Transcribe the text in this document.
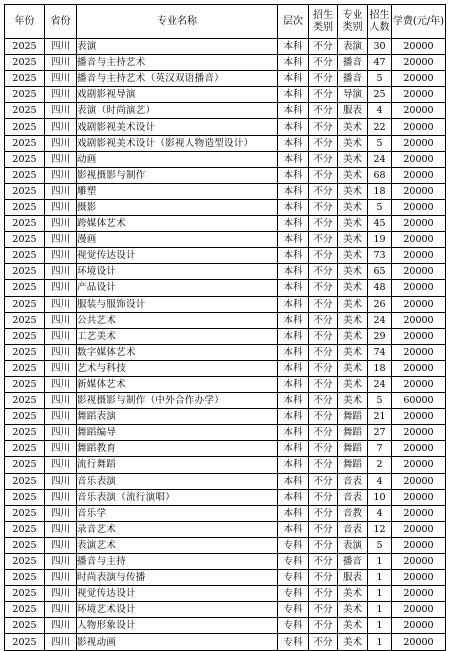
年份	省份	专业名称	层次	招生类别	专业类别	招生人数	学费(元/年)
2025	四川	表演	本科	不分	表演	30	20000
2025	四川	播音与主持艺术	本科	不分	播音	47	20000
2025	四川	播音与主持艺术（英汉双语播音）	本科	不分	播音	5	20000
2025	四川	戏剧影视导演	本科	不分	导演	25	20000
2025	四川	表演（时尚演艺）	本科	不分	服表	4	20000
2025	四川	戏剧影视美术设计	本科	不分	美术	22	20000
2025	四川	戏剧影视美术设计（影视人物造型设计）	本科	不分	美术	5	20000
2025	四川	动画	本科	不分	美术	24	20000
2025	四川	影视摄影与制作	本科	不分	美术	68	20000
2025	四川	雕塑	本科	不分	美术	18	20000
2025	四川	摄影	本科	不分	美术	5	20000
2025	四川	跨媒体艺术	本科	不分	美术	45	20000
2025	四川	漫画	本科	不分	美术	19	20000
2025	四川	视觉传达设计	本科	不分	美术	73	20000
2025	四川	环境设计	本科	不分	美术	65	20000
2025	四川	产品设计	本科	不分	美术	48	20000
2025	四川	服装与服饰设计	本科	不分	美术	26	20000
2025	四川	公共艺术	本科	不分	美术	24	20000
2025	四川	工艺美术	本科	不分	美术	29	20000
2025	四川	数字媒体艺术	本科	不分	美术	74	20000
2025	四川	艺术与科技	本科	不分	美术	18	20000
2025	四川	新媒体艺术	本科	不分	美术	24	20000
2025	四川	影视摄影与制作（中外合作办学）	本科	不分	美术	5	60000
2025	四川	舞蹈表演	本科	不分	舞蹈	21	20000
2025	四川	舞蹈编导	本科	不分	舞蹈	27	20000
2025	四川	舞蹈教育	本科	不分	舞蹈	7	20000
2025	四川	流行舞蹈	本科	不分	舞蹈	2	20000
2025	四川	音乐表演	本科	不分	音表	4	20000
2025	四川	音乐表演（流行演唱）	本科	不分	音表	10	20000
2025	四川	音乐学	本科	不分	音教	4	20000
2025	四川	录音艺术	本科	不分	音表	12	20000
2025	四川	表演艺术	专科	不分	表演	5	20000
2025	四川	播音与主持	专科	不分	播音	1	20000
2025	四川	时尚表演与传播	专科	不分	服表	1	20000
2025	四川	视觉传达设计	专科	不分	美术	1	20000
2025	四川	环境艺术设计	专科	不分	美术	1	20000
2025	四川	人物形象设计	专科	不分	美术	1	20000
2025	四川	影视动画	专科	不分	美术	1	20000
